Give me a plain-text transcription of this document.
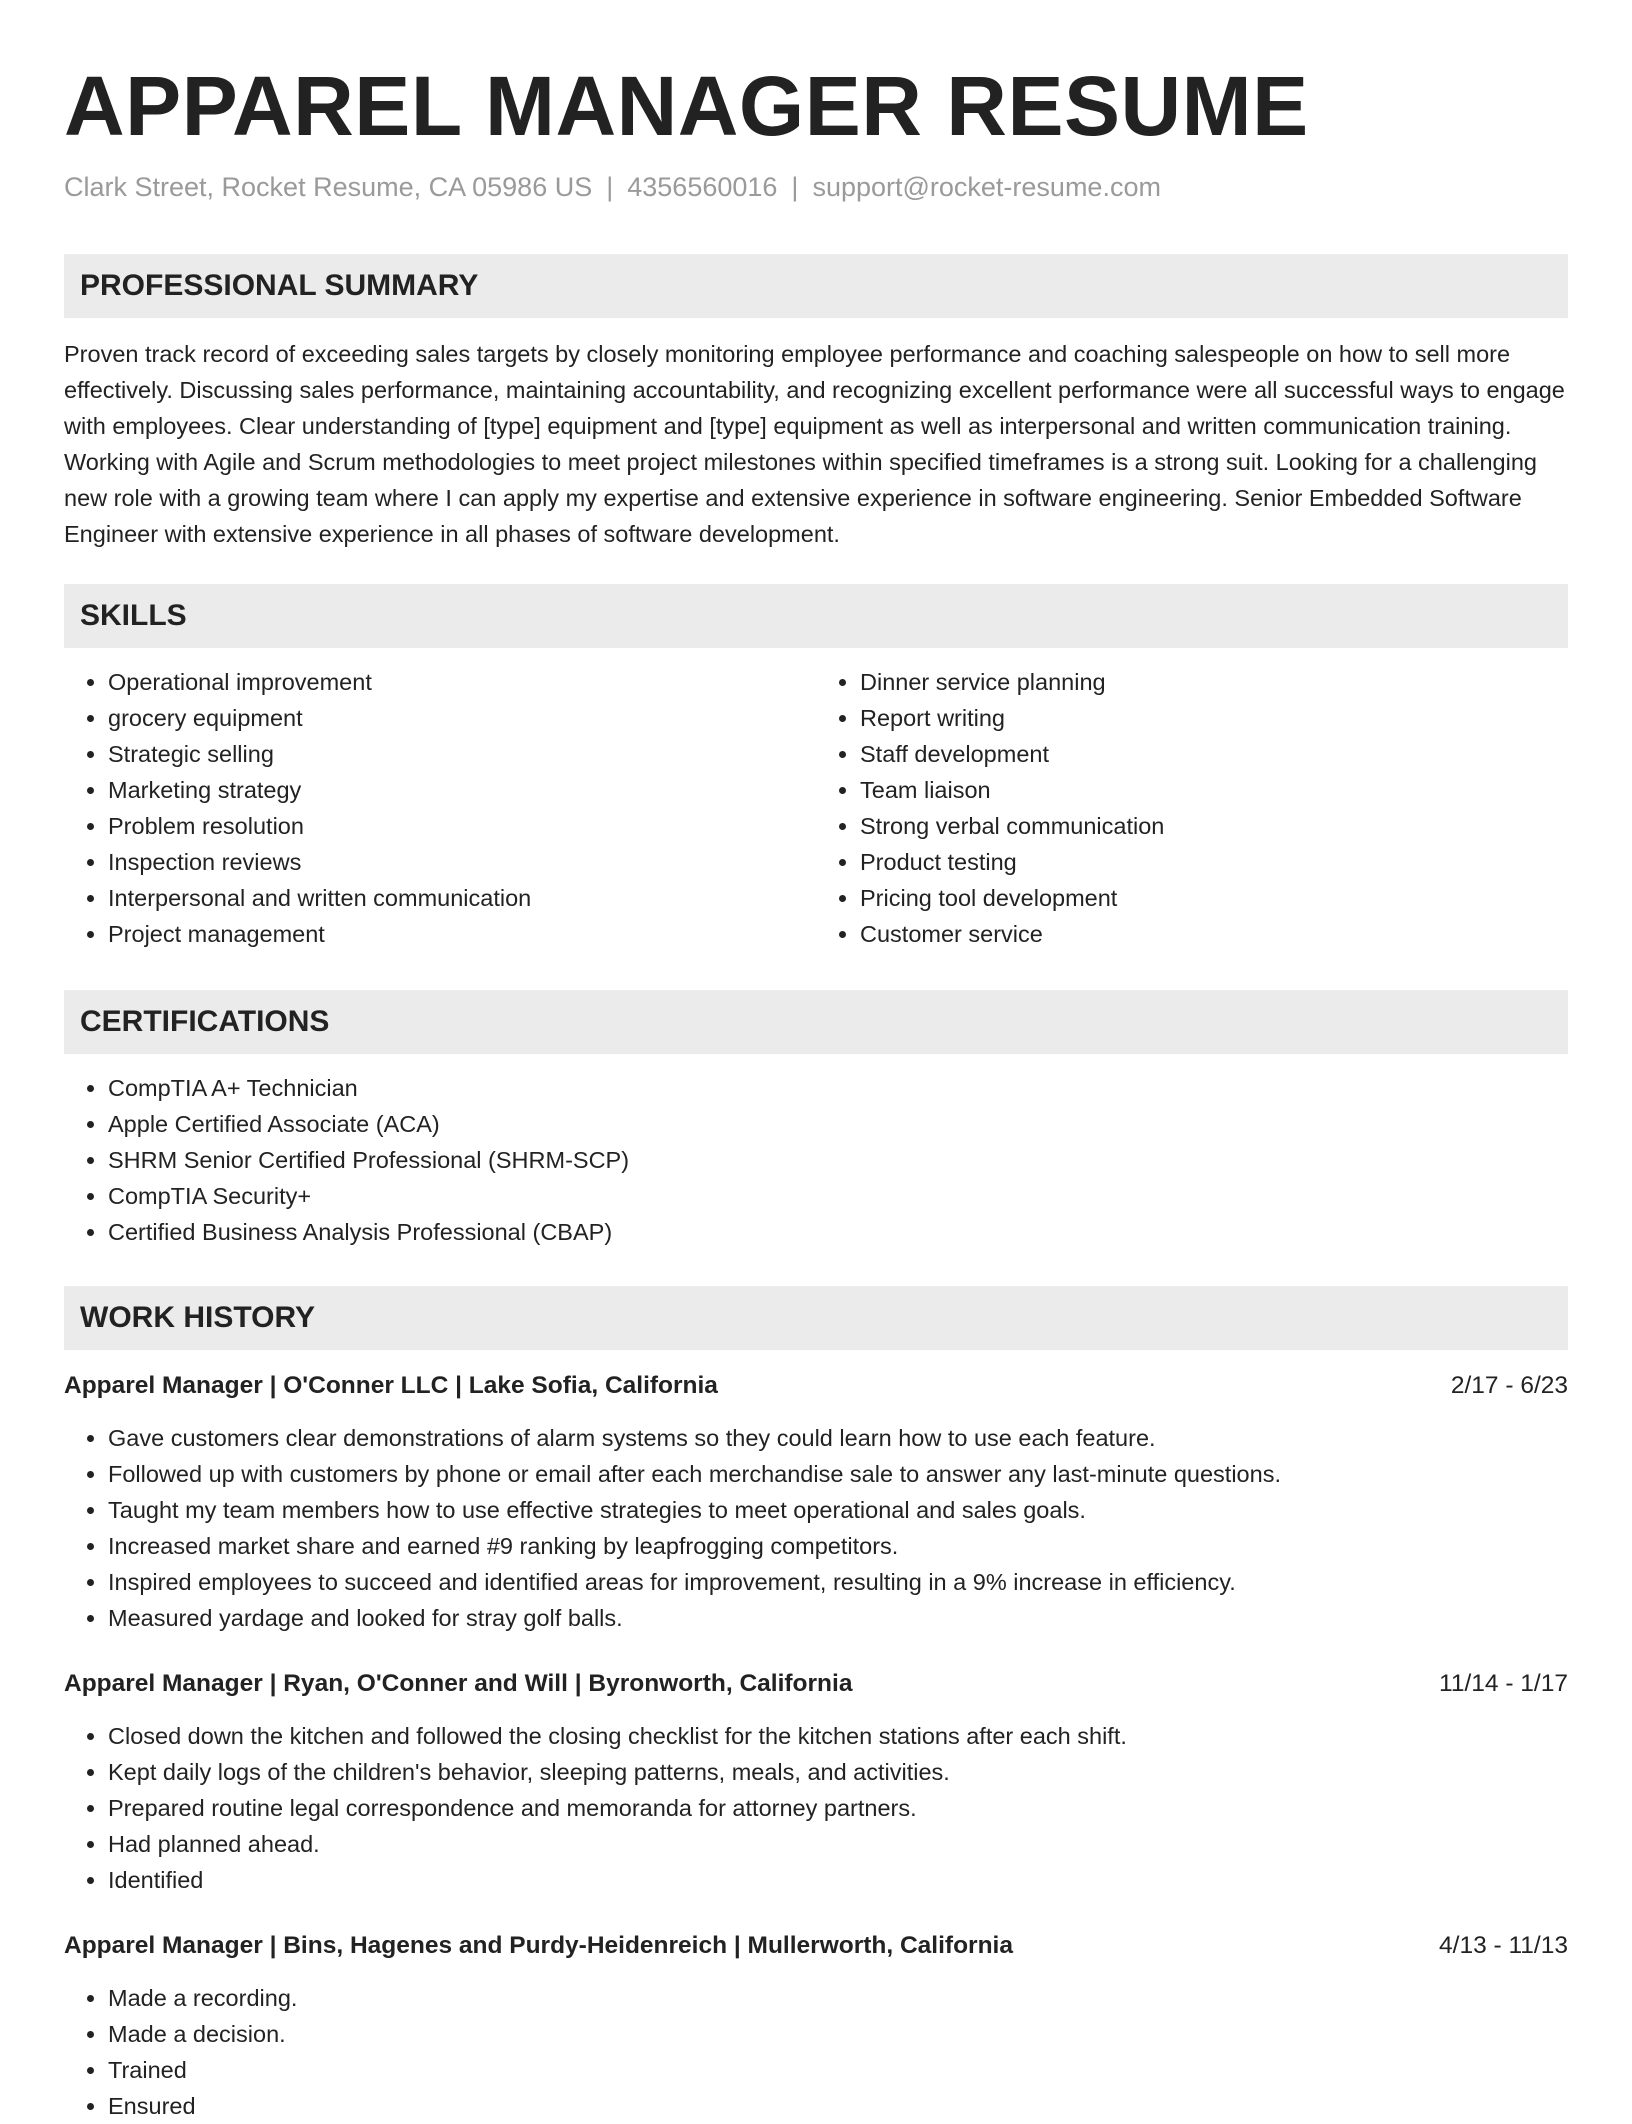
APPAREL MANAGER RESUME
Clark Street, Rocket Resume, CA 05986 US | 4356560016 | support@rocket-resume.com
PROFESSIONAL SUMMARY

Proven track record of exceeding sales targets by closely monitoring employee performance and coaching salespeople on how to sell more effectively. Discussing sales performance, maintaining accountability, and recognizing excellent performance were all successful ways to engage with employees. Clear understanding of [type] equipment and [type] equipment as well as interpersonal and written communication training. Working with Agile and Scrum methodologies to meet project milestones within specified timeframes is a strong suit. Looking for a challenging new role with a growing team where I can apply my expertise and extensive experience in software engineering. Senior Embedded Software Engineer with extensive experience in all phases of software development.

SKILLS
• Operational improvement
• grocery equipment
• Strategic selling
• Marketing strategy
• Problem resolution
• Inspection reviews
• Interpersonal and written communication
• Project management
• Dinner service planning
• Report writing
• Staff development
• Team liaison
• Strong verbal communication
• Product testing
• Pricing tool development
• Customer service
CERTIFICATIONS
• CompTIA A+ Technician
• Apple Certified Associate (ACA)
• SHRM Senior Certified Professional (SHRM-SCP)
• CompTIA Security+
• Certified Business Analysis Professional (CBAP)
WORK HISTORY
Apparel Manager | O'Conner LLC | Lake Sofia, California	2/17 - 6/23
• Gave customers clear demonstrations of alarm systems so they could learn how to use each feature.
• Followed up with customers by phone or email after each merchandise sale to answer any last-minute questions.
• Taught my team members how to use effective strategies to meet operational and sales goals.
• Increased market share and earned #9 ranking by leapfrogging competitors.
• Inspired employees to succeed and identified areas for improvement, resulting in a 9% increase in efficiency.
• Measured yardage and looked for stray golf balls.
Apparel Manager | Ryan, O'Conner and Will | Byronworth, California	11/14 - 1/17
• Closed down the kitchen and followed the closing checklist for the kitchen stations after each shift.
• Kept daily logs of the children's behavior, sleeping patterns, meals, and activities.
• Prepared routine legal correspondence and memoranda for attorney partners.
• Had planned ahead.
• Identified
Apparel Manager | Bins, Hagenes and Purdy-Heidenreich | Mullerworth, California	4/13 - 11/13
• Made a recording.
• Made a decision.
• Trained
• Ensured
